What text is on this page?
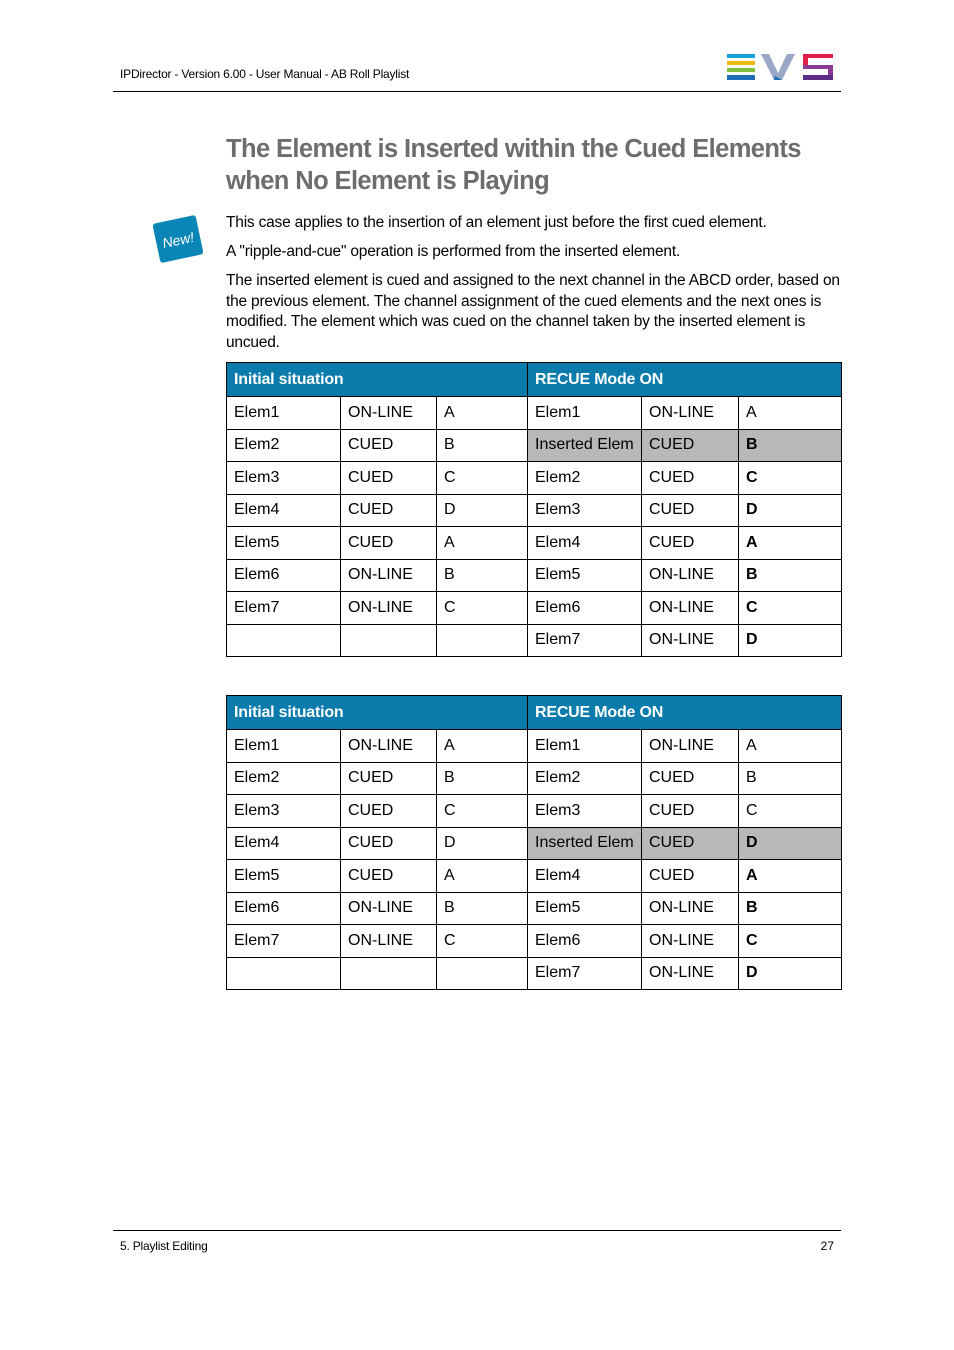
IPDirector - Version 6.00 - User Manual - AB Roll Playlist
The Element is Inserted within the Cued Elements when No Element is Playing
New!

This case applies to the insertion of an element just before the first cued element.

A "ripple-and-cue" operation is performed from the inserted element.

The inserted element is cued and assigned to the next channel in the ABCD order, based on the previous element. The channel assignment of the cued elements and the next ones is modified. The element which was cued on the channel taken by the inserted element is uncued.

Initial situation			RECUE Mode ON		
Elem1	ON-LINE	A	Elem1	ON-LINE	A
Elem2	CUED	B	Inserted Elem	CUED	B
Elem3	CUED	C	Elem2	CUED	C
Elem4	CUED	D	Elem3	CUED	D
Elem5	CUED	A	Elem4	CUED	A
Elem6	ON-LINE	B	Elem5	ON-LINE	B
Elem7	ON-LINE	C	Elem6	ON-LINE	C
			Elem7	ON-LINE	D
Initial situation			RECUE Mode ON		
Elem1	ON-LINE	A	Elem1	ON-LINE	A
Elem2	CUED	B	Elem2	CUED	B
Elem3	CUED	C	Elem3	CUED	C
Elem4	CUED	D	Inserted Elem	CUED	D
Elem5	CUED	A	Elem4	CUED	A
Elem6	ON-LINE	B	Elem5	ON-LINE	B
Elem7	ON-LINE	C	Elem6	ON-LINE	C
			Elem7	ON-LINE	D
5. Playlist Editing	27
